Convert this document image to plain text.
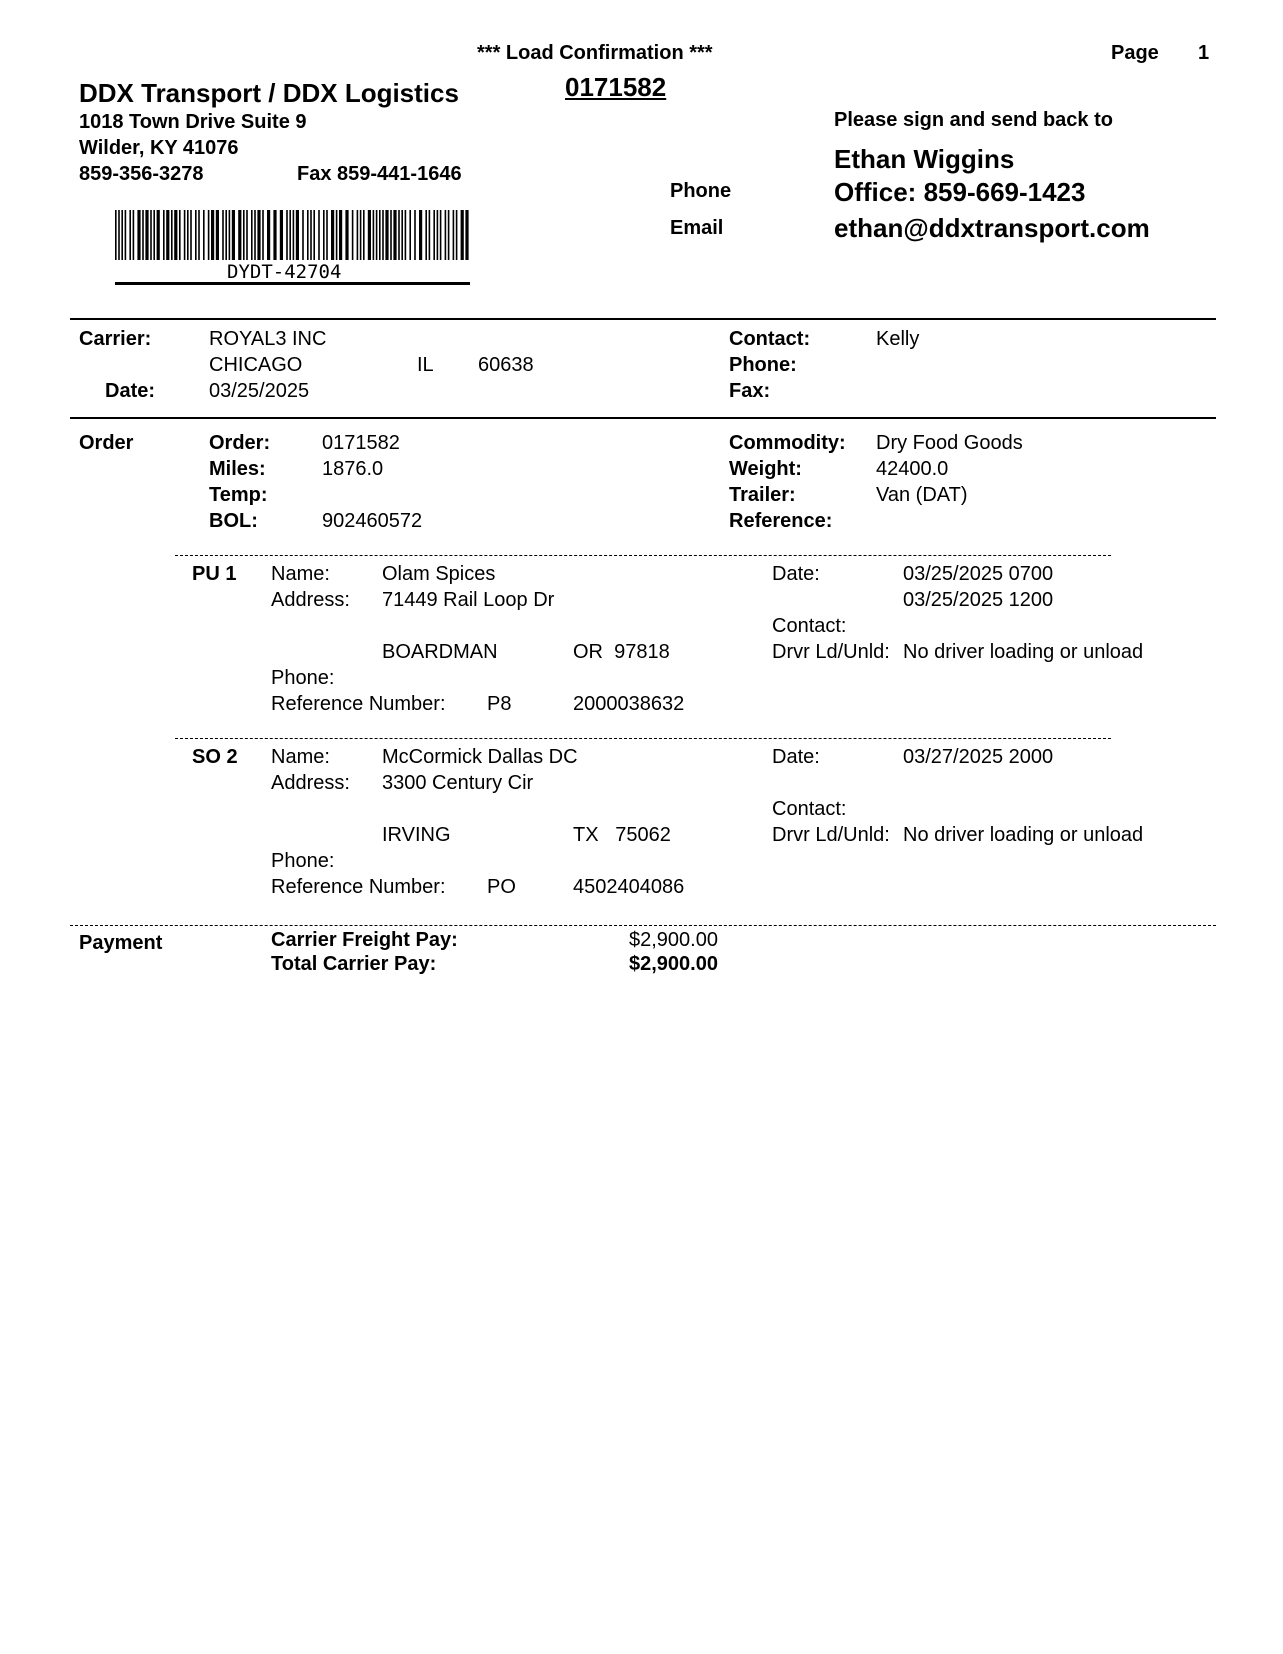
*** Load Confirmation ***	Page 1
DDX Transport / DDX Logistics	0171582
1018 Town Drive Suite 9
Wilder, KY 41076
859-356-3278	Fax 859-441-1646
Please sign and send back to
Ethan Wiggins
Phone	Office: 859-669-1423
Email	ethan@ddxtransport.com
DYDT-42704
Carrier:	ROYAL3 INC
CHICAGO	IL 60638
Date:	03/25/2025
Contact:	Kelly
Phone:
Fax:
Order	Order:	0171582
Miles:	1876.0
Temp:
BOL:	902460572
Commodity: Dry Food Goods
Weight:	42400.0
Trailer:	Van (DAT)
Reference:
PU 1 Name:	Olam Spices
Address: 71449 Rail Loop Dr
BOARDMAN	OR  97818
Phone:
Reference Number: P8	2000038632
Date:	03/25/2025 0700
03/25/2025 1200
Contact:
Drvr Ld/Unld: No driver loading or unload
SO 2 Name:	McCormick Dallas DC
Address: 3300 Century Cir
IRVING	TX   75062
Phone:
Reference Number: PO	4502404086
Date:	03/27/2025 2000
Contact:
Drvr Ld/Unld: No driver loading or unload
Payment	Carrier Freight Pay:	$2,900.00
Total Carrier Pay:	$2,900.00
